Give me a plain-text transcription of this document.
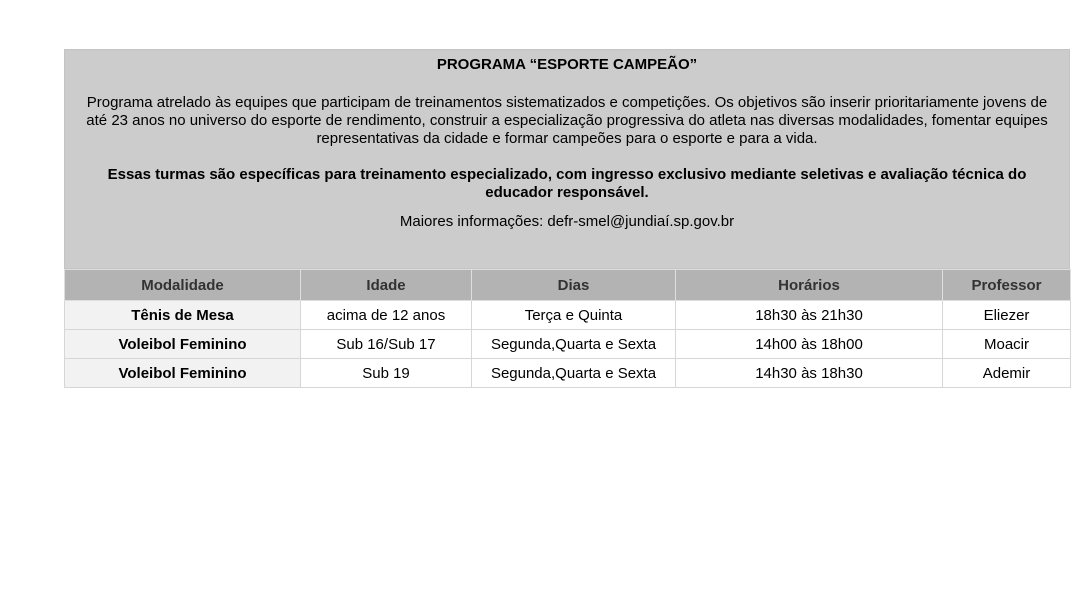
PROGRAMA “ESPORTE CAMPEÃO”

Programa atrelado às equipes que participam de treinamentos sistematizados e competições. Os objetivos são inserir prioritariamente jovens de até 23 anos no universo do esporte de rendimento, construir a especialização progressiva do atleta nas diversas modalidades, fomentar equipes representativas da cidade e formar campeões para o esporte e para a vida.

Essas turmas são específicas para treinamento especializado, com ingresso exclusivo mediante seletivas e avaliação técnica do educador responsável.

Maiores informações: defr-smel@jundiaí.sp.gov.br

Modalidade	Idade	Dias	Horários	Professor
Tênis de Mesa	acima de 12 anos	Terça e Quinta	18h30 às 21h30	Eliezer
Voleibol Feminino	Sub 16/Sub 17	Segunda,Quarta e Sexta	14h00 às 18h00	Moacir
Voleibol Feminino	Sub 19	Segunda,Quarta e Sexta	14h30 às 18h30	Ademir
